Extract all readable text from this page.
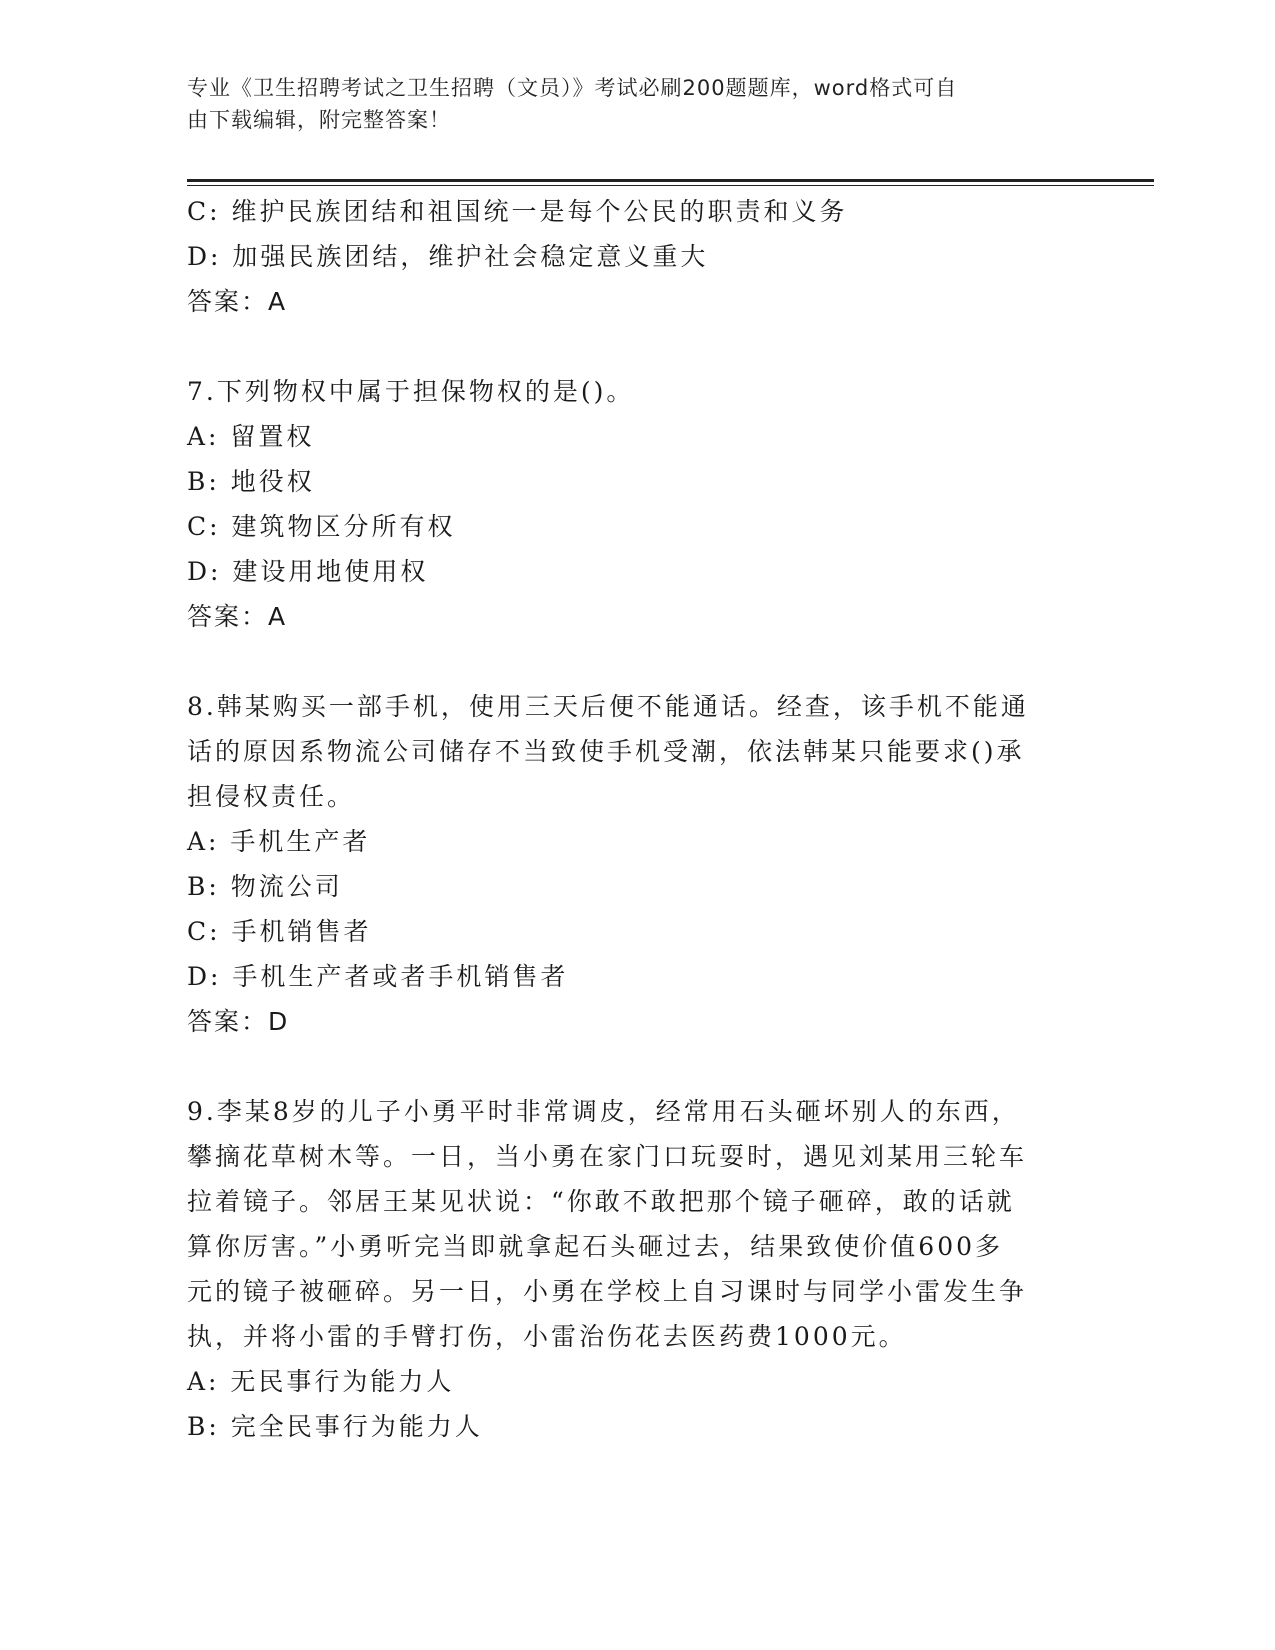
专业《卫生招聘考试之卫生招聘（文员）》考试必刷200题题库，word格式可自
由下载编辑，附完整答案！
C: 维护民族团结和祖国统一是每个公民的职责和义务
D: 加强民族团结，维护社会稳定意义重大
答案：A
7.下列物权中属于担保物权的是()。
A: 留置权
B: 地役权
C: 建筑物区分所有权
D: 建设用地使用权
答案：A
8.韩某购买一部手机，使用三天后便不能通话。经查，该手机不能通
话的原因系物流公司储存不当致使手机受潮，依法韩某只能要求()承
担侵权责任。
A: 手机生产者
B: 物流公司
C: 手机销售者
D: 手机生产者或者手机销售者
答案：D
9.李某8岁的儿子小勇平时非常调皮，经常用石头砸坏别人的东西，
攀摘花草树木等。一日，当小勇在家门口玩耍时，遇见刘某用三轮车
拉着镜子。邻居王某见状说：“你敢不敢把那个镜子砸碎，敢的话就
算你厉害。”小勇听完当即就拿起石头砸过去，结果致使价值600多
元的镜子被砸碎。另一日，小勇在学校上自习课时与同学小雷发生争
执，并将小雷的手臂打伤，小雷治伤花去医药费1000元。
A: 无民事行为能力人
B: 完全民事行为能力人
